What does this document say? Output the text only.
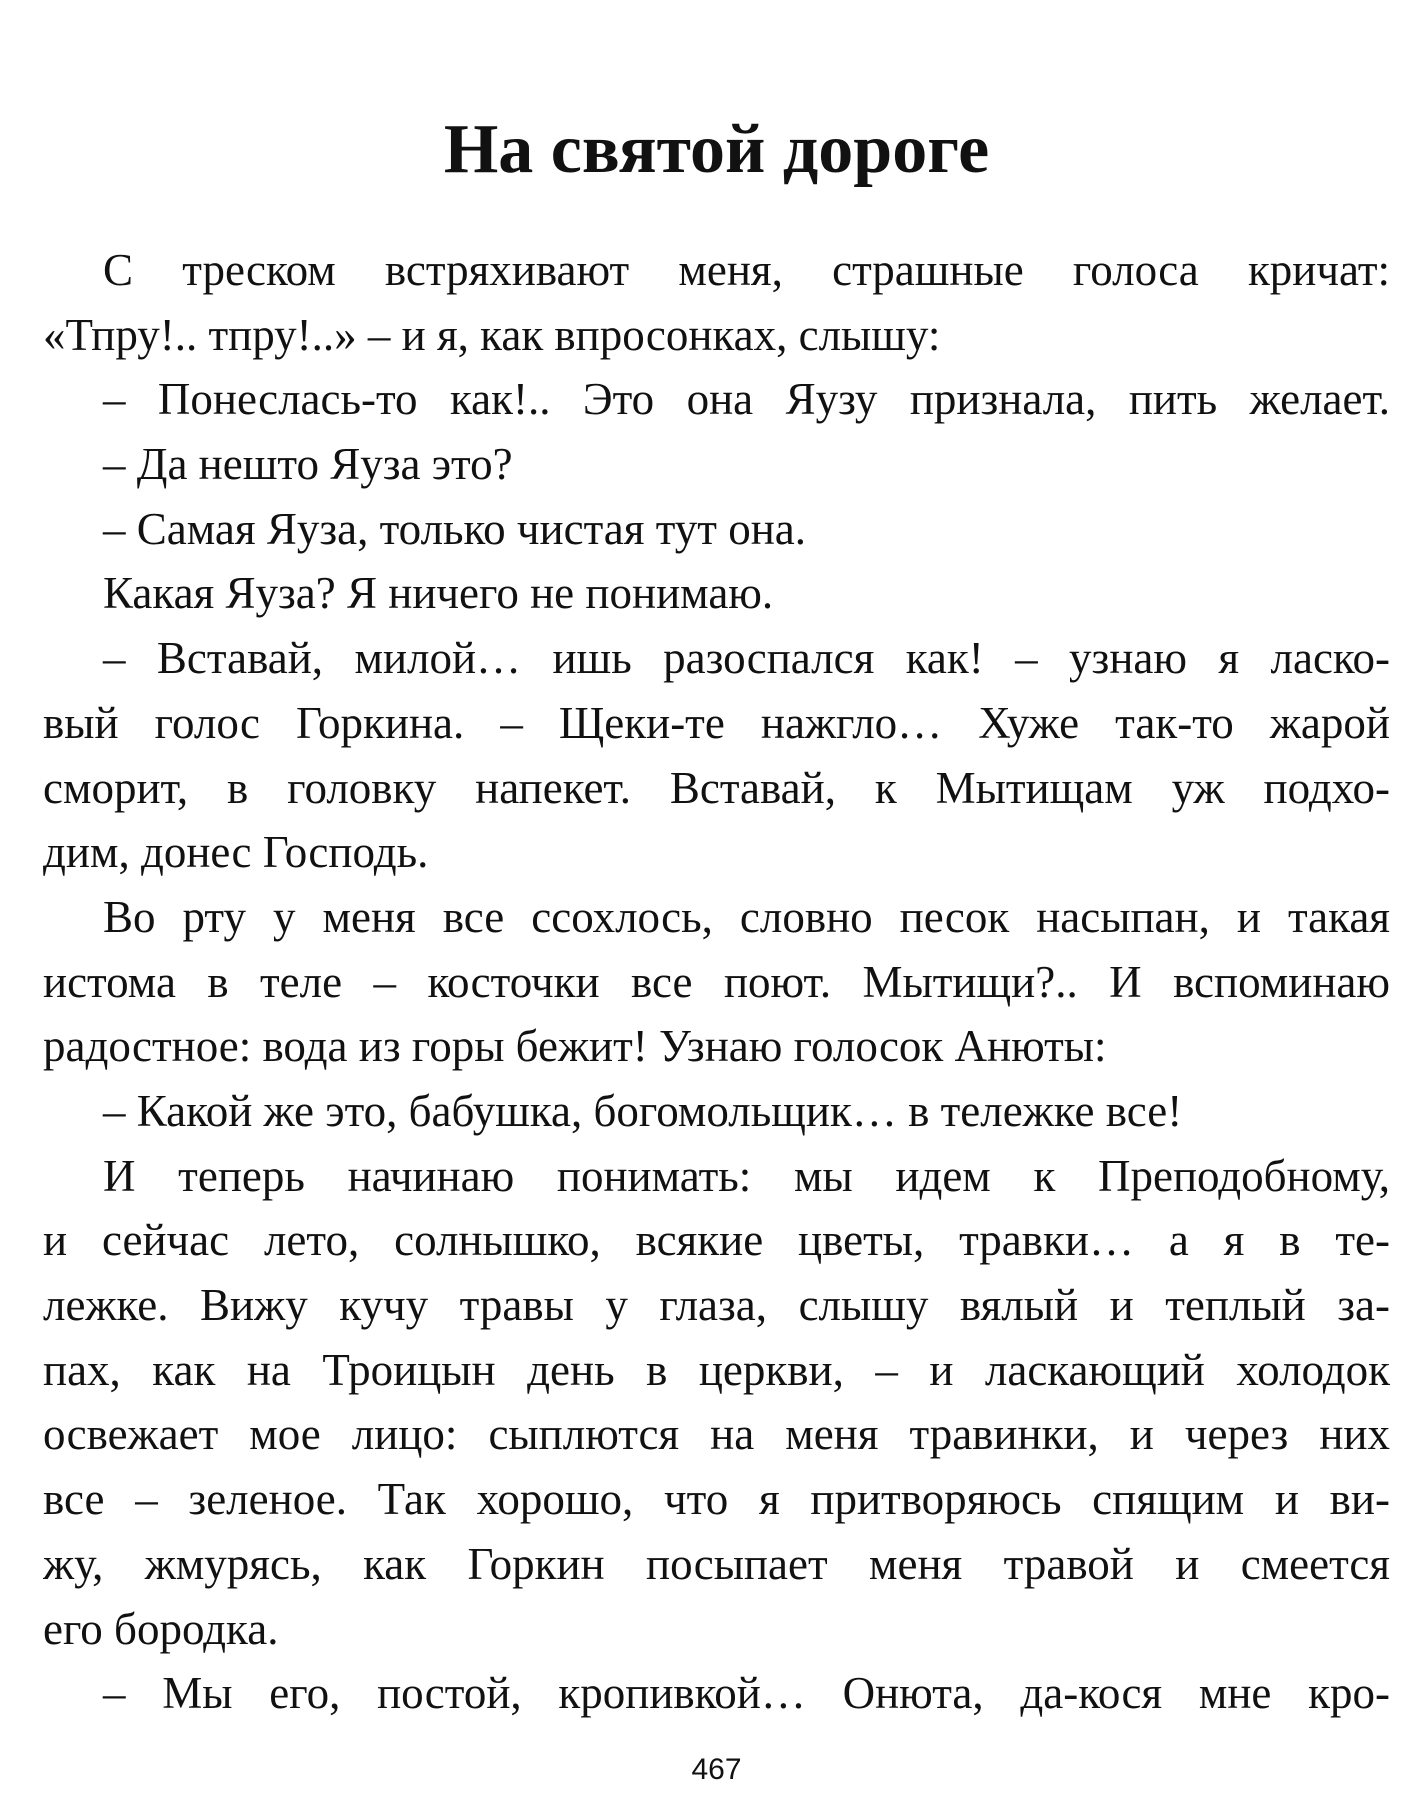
На святой дороге
С треском встряхивают меня, страшные голоса кричат:
«Тпру!.. тпру!..» – и я, как впросонках, слышу:
– Понеслась-то как!.. Это она Яузу признала, пить желает.
– Да нешто Яуза это?
– Самая Яуза, только чистая тут она.
Какая Яуза? Я ничего не понимаю.
– Вставай, милой… ишь разоспался как! – узнаю я ласко-
вый голос Горкина. – Щеки-те нажгло… Хуже так-то жарой
сморит, в головку напекет. Вставай, к Мытищам уж подхо-
дим, донес Господь.
Во рту у меня все ссохлось, словно песок насыпан, и такая
истома в теле – косточки все поют. Мытищи?.. И вспоминаю
радостное: вода из горы бежит! Узнаю голосок Анюты:
– Какой же это, бабушка, богомольщик… в тележке все!
И теперь начинаю понимать: мы идем к Преподобному,
и сейчас лето, солнышко, всякие цветы, травки… а я в те-
лежке. Вижу кучу травы у глаза, слышу вялый и теплый за-
пах, как на Троицын день в церкви, – и ласкающий холодок
освежает мое лицо: сыплются на меня травинки, и через них
все – зеленое. Так хорошо, что я притворяюсь спящим и ви-
жу, жмурясь, как Горкин посыпает меня травой и смеется
его бородка.
– Мы его, постой, кропивкой… Онюта, да-кося мне кро-
467
